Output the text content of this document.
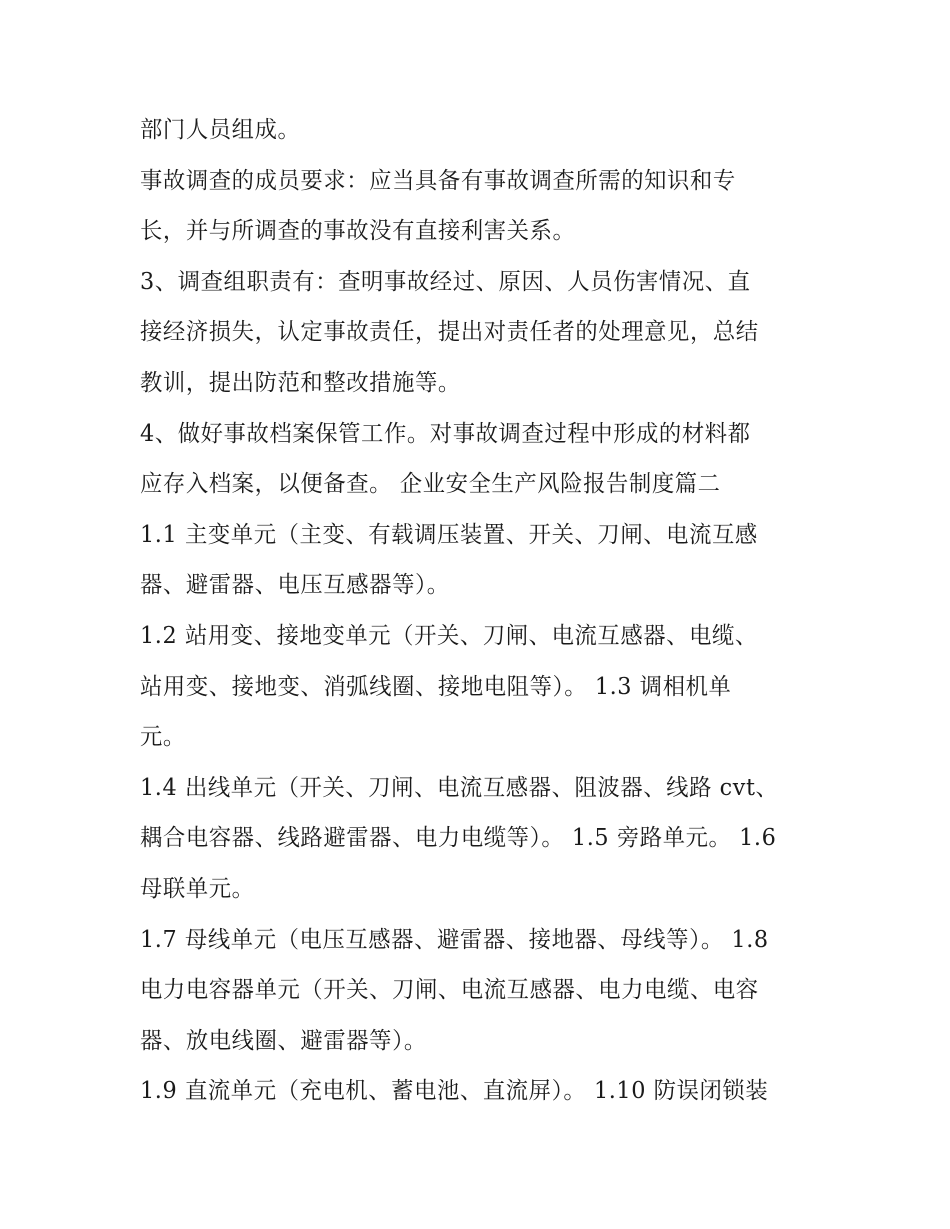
部门人员组成。
事故调查的成员要求：应当具备有事故调查所需的知识和专
长，并与所调查的事故没有直接利害关系。
3、调查组职责有：查明事故经过、原因、人员伤害情况、直
接经济损失，认定事故责任，提出对责任者的处理意见，总结
教训，提出防范和整改措施等。
4、做好事故档案保管工作。对事故调查过程中形成的材料都
应存入档案，以便备查。 企业安全生产风险报告制度篇二
1.1 主变单元（主变、有载调压装置、开关、刀闸、电流互感
器、避雷器、电压互感器等）。
1.2 站用变、接地变单元（开关、刀闸、电流互感器、电缆、
站用变、接地变、消弧线圈、接地电阻等）。 1.3 调相机单
元。
1.4 出线单元（开关、刀闸、电流互感器、阻波器、线路 cvt、
耦合电容器、线路避雷器、电力电缆等）。 1.5 旁路单元。 1.6
母联单元。
1.7 母线单元（电压互感器、避雷器、接地器、母线等）。 1.8
电力电容器单元（开关、刀闸、电流互感器、电力电缆、电容
器、放电线圈、避雷器等）。
1.9 直流单元（充电机、蓄电池、直流屏）。 1.10 防误闭锁装
